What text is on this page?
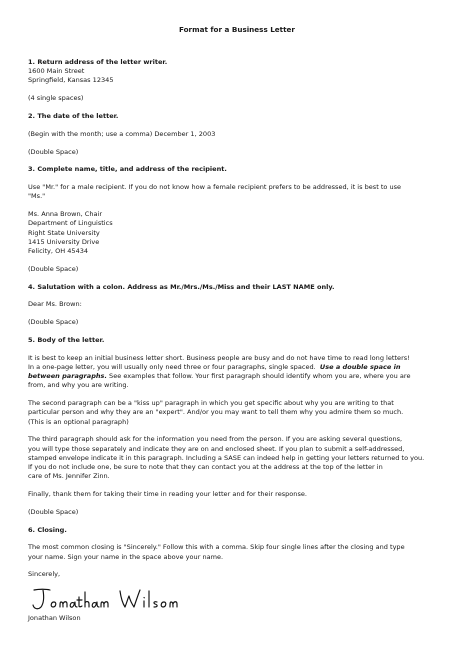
Format for a Business Letter

1. Return address of the letter writer.

1600 Main Street

Springfield, Kansas 12345

(4 single spaces)

2. The date of the letter.

(Begin with the month; use a comma) December 1, 2003

(Double Space)

3. Complete name, title, and address of the recipient.

Use "Mr." for a male recipient. If you do not know how a female recipient prefers to be addressed, it is best to use

"Ms."

Ms. Anna Brown, Chair

Department of Linguistics

Right State University

1415 University Drive

Felicity, OH 45434

(Double Space)

4. Salutation with a colon. Address as Mr./Mrs./Ms./Miss and their LAST NAME only.

Dear Ms. Brown:

(Double Space)

5. Body of the letter.

It is best to keep an initial business letter short. Business people are busy and do not have time to read long letters!

In a one-page letter, you will usually only need three or four paragraphs, single spaced. Use a double space in

between paragraphs. See examples that follow. Your first paragraph should identify whom you are, where you are

from, and why you are writing.

The second paragraph can be a "kiss up" paragraph in which you get specific about why you are writing to that

particular person and why they are an "expert". And/or you may want to tell them why you admire them so much.

(This is an optional paragraph)

The third paragraph should ask for the information you need from the person. If you are asking several questions,

you will type those separately and indicate they are on and enclosed sheet. If you plan to submit a self-addressed,

stamped envelope indicate it in this paragraph. Including a SASE can indeed help in getting your letters returned to you.

If you do not include one, be sure to note that they can contact you at the address at the top of the letter in

care of Ms. Jennifer Zinn.

Finally, thank them for taking their time in reading your letter and for their response.

(Double Space)

6. Closing.

The most common closing is "Sincerely." Follow this with a comma. Skip four single lines after the closing and type

your name. Sign your name in the space above your name.

Sincerely,

Jonathan Wilson
